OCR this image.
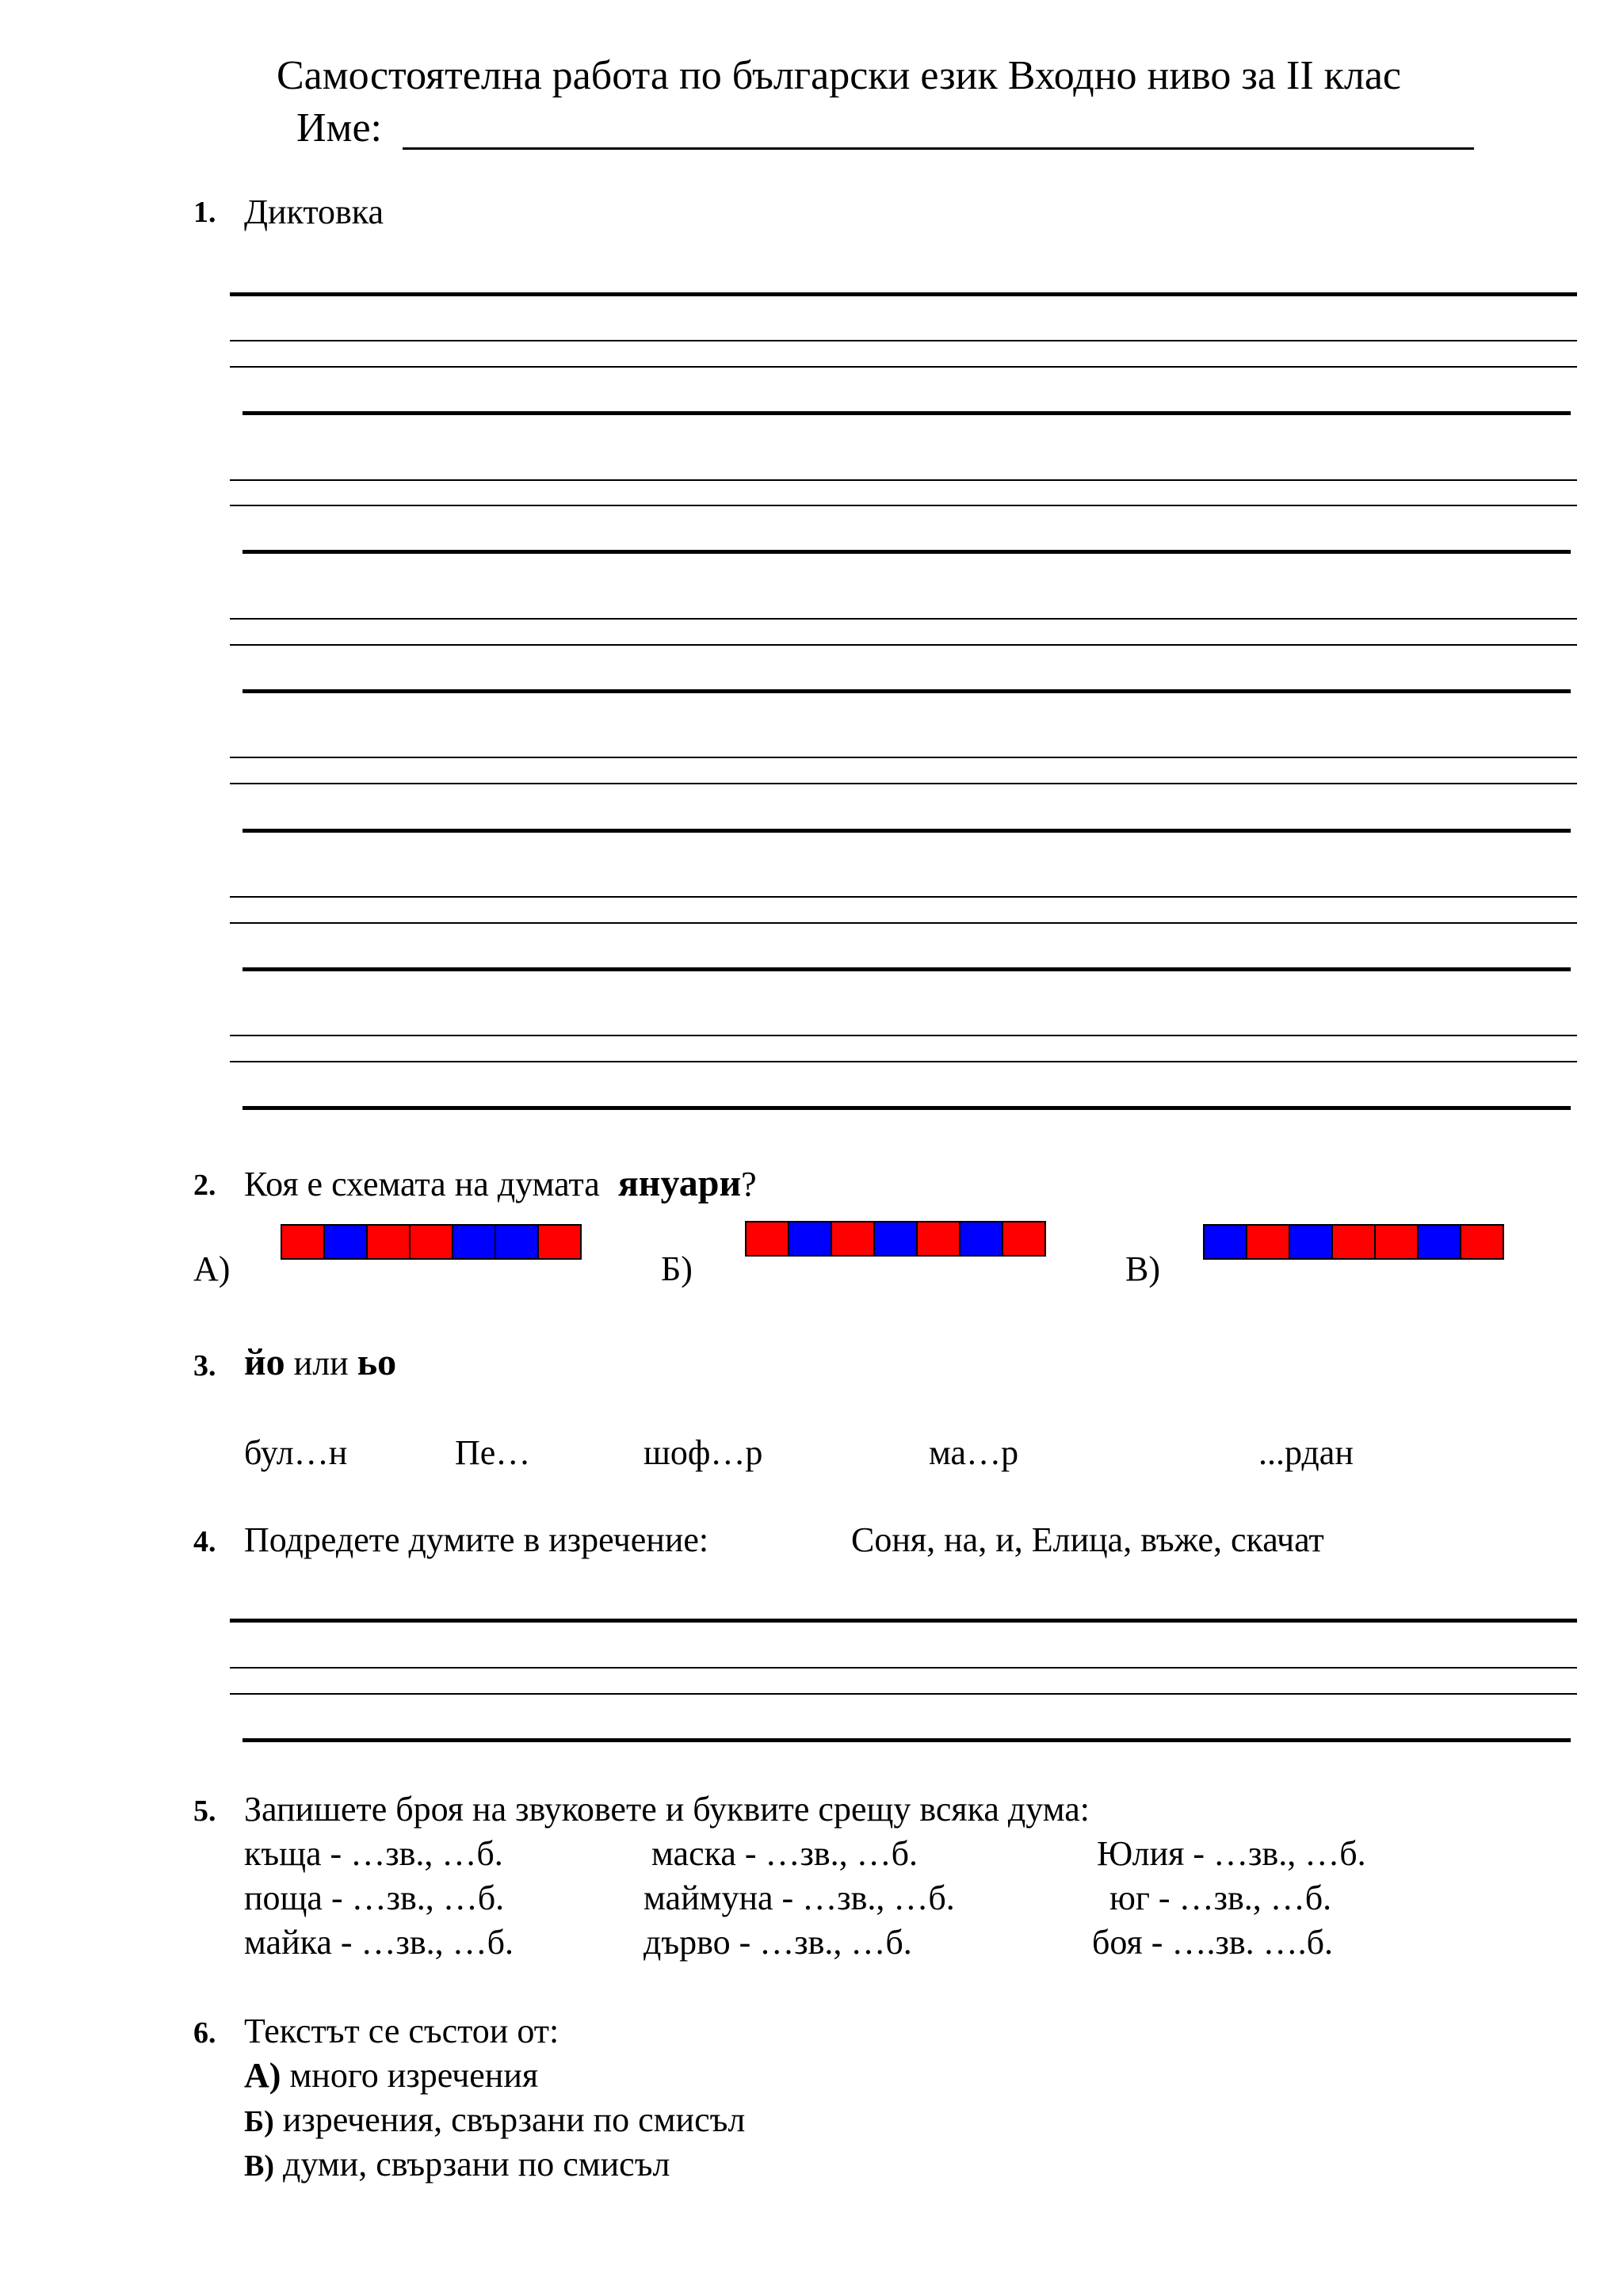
Самостоятелна работа по български език Входно ниво за II клас
Име:
1. Диктовка
2. Коя е схемата на думата януари?
А)	Б)	В)
3. йо или ьо
бул…н	Пе…	шоф…р	ма…р	...рдан
4. Подредете думите в изречение:	Соня, на, и, Елица, въже, скачат
5. Запишете броя на звуковете и буквите срещу всяка дума:
къща - …зв., …б.	маска - …зв., …б.	Юлия - …зв., …б.
поща - …зв., …б.	маймуна - …зв., …б.	юг - …зв., …б.
майка - …зв., …б.	дърво - …зв., …б.	боя - ….зв. ….б.
6. Текстът се състои от:
А) много изречения
Б) изречения, свързани по смисъл
В) думи, свързани по смисъл
